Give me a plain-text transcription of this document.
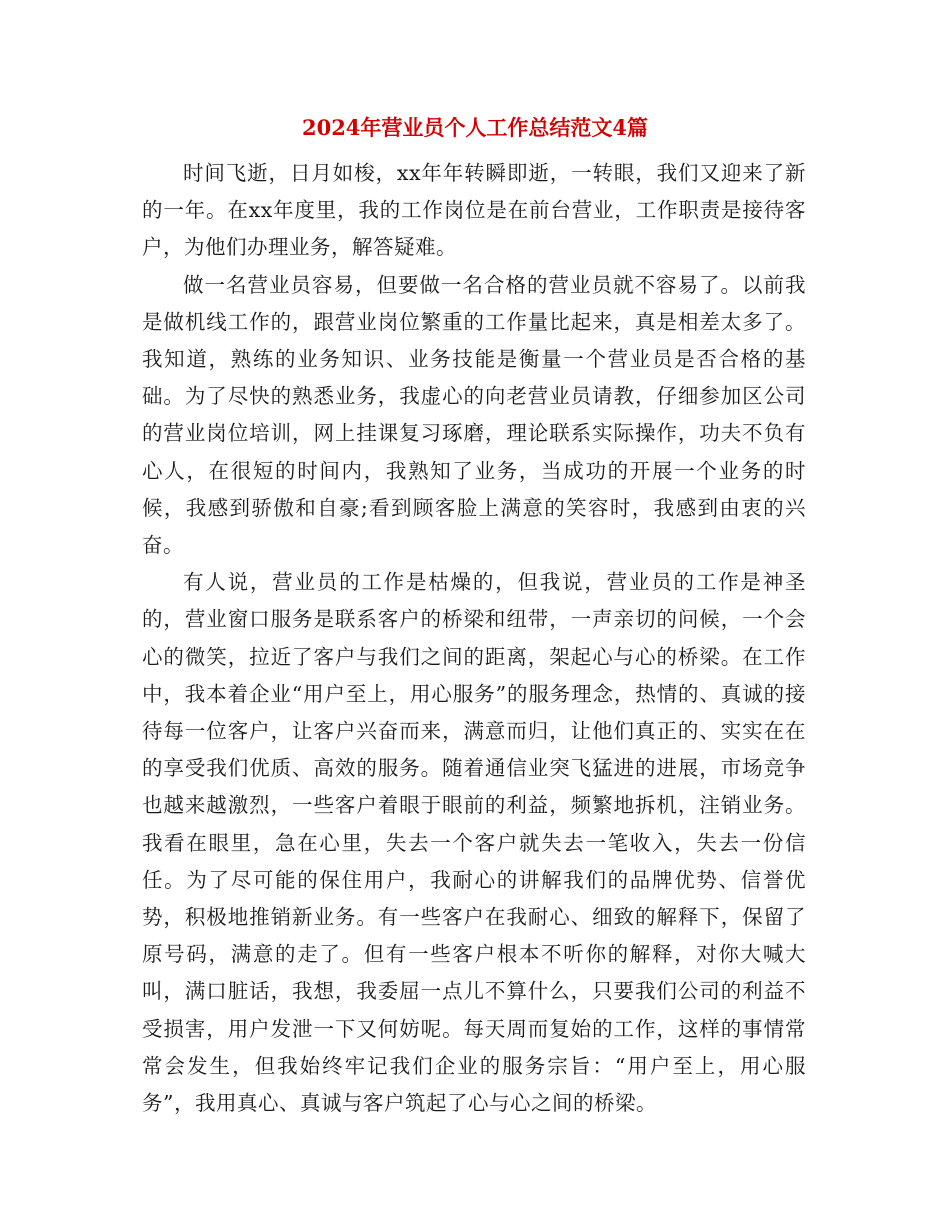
2024年营业员个人工作总结范文4篇

时间飞逝，日月如梭，xx年年转瞬即逝，一转眼，我们又迎来了新的一年。在xx年度里，我的工作岗位是在前台营业，工作职责是接待客户，为他们办理业务，解答疑难。

做一名营业员容易，但要做一名合格的营业员就不容易了。以前我是做机线工作的，跟营业岗位繁重的工作量比起来，真是相差太多了。我知道，熟练的业务知识、业务技能是衡量一个营业员是否合格的基础。为了尽快的熟悉业务，我虚心的向老营业员请教，仔细参加区公司的营业岗位培训，网上挂课复习琢磨，理论联系实际操作，功夫不负有心人，在很短的时间内，我熟知了业务，当成功的开展一个业务的时候，我感到骄傲和自豪;看到顾客脸上满意的笑容时，我感到由衷的兴奋。

有人说，营业员的工作是枯燥的，但我说，营业员的工作是神圣的，营业窗口服务是联系客户的桥梁和纽带，一声亲切的问候，一个会心的微笑，拉近了客户与我们之间的距离，架起心与心的桥梁。在工作中，我本着企业“用户至上，用心服务”的服务理念，热情的、真诚的接待每一位客户，让客户兴奋而来，满意而归，让他们真正的、实实在在的享受我们优质、高效的服务。随着通信业突飞猛进的进展，市场竞争也越来越激烈，一些客户着眼于眼前的利益，频繁地拆机，注销业务。我看在眼里，急在心里，失去一个客户就失去一笔收入，失去一份信任。为了尽可能的保住用户，我耐心的讲解我们的品牌优势、信誉优势，积极地推销新业务。有一些客户在我耐心、细致的解释下，保留了原号码，满意的走了。但有一些客户根本不听你的解释，对你大喊大叫，满口脏话，我想，我委屈一点儿不算什么，只要我们公司的利益不受损害，用户发泄一下又何妨呢。每天周而复始的工作，这样的事情常常会发生，但我始终牢记我们企业的服务宗旨：“用户至上，用心服务”，我用真心、真诚与客户筑起了心与心之间的桥梁。
